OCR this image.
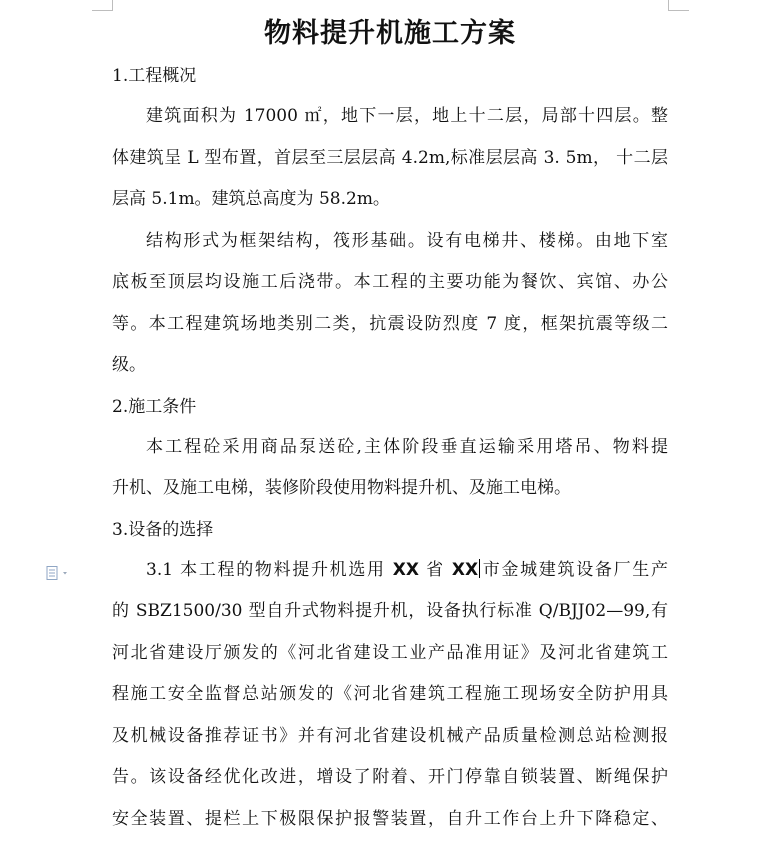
物料提升机施工方案

1.工程概况

建筑面积为 17000 ㎡，地下一层，地上十二层，局部十四层。整
体建筑呈 L 型布置，首层至三层层高 4.2m,标准层层高 3. 5m， 十二层
层高 5.1m。建筑总高度为 58.2m。

结构形式为框架结构，筏形基础。设有电梯井、楼梯。由地下室
底板至顶层均设施工后浇带。本工程的主要功能为餐饮、宾馆、办公
等。本工程建筑场地类别二类，抗震设防烈度 7 度，框架抗震等级二
级。

2.施工条件

本工程砼采用商品泵送砼,主体阶段垂直运输采用塔吊、物料提
升机、及施工电梯，装修阶段使用物料提升机、及施工电梯。

3.设备的选择

3.1 本工程的物料提升机选用 XX 省 XX 市金城建筑设备厂生产
的 SBZ1500/30 型自升式物料提升机，设备执行标准 Q/BJJ02—99,有
河北省建设厅颁发的《河北省建设工业产品准用证》及河北省建筑工
程施工安全监督总站颁发的《河北省建筑工程施工现场安全防护用具
及机械设备推荐证书》并有河北省建设机械产品质量检测总站检测报
告。该设备经优化改进，增设了附着、开门停靠自锁装置、断绳保护
安全装置、提栏上下极限保护报警装置，自升工作台上升下降稳定、
